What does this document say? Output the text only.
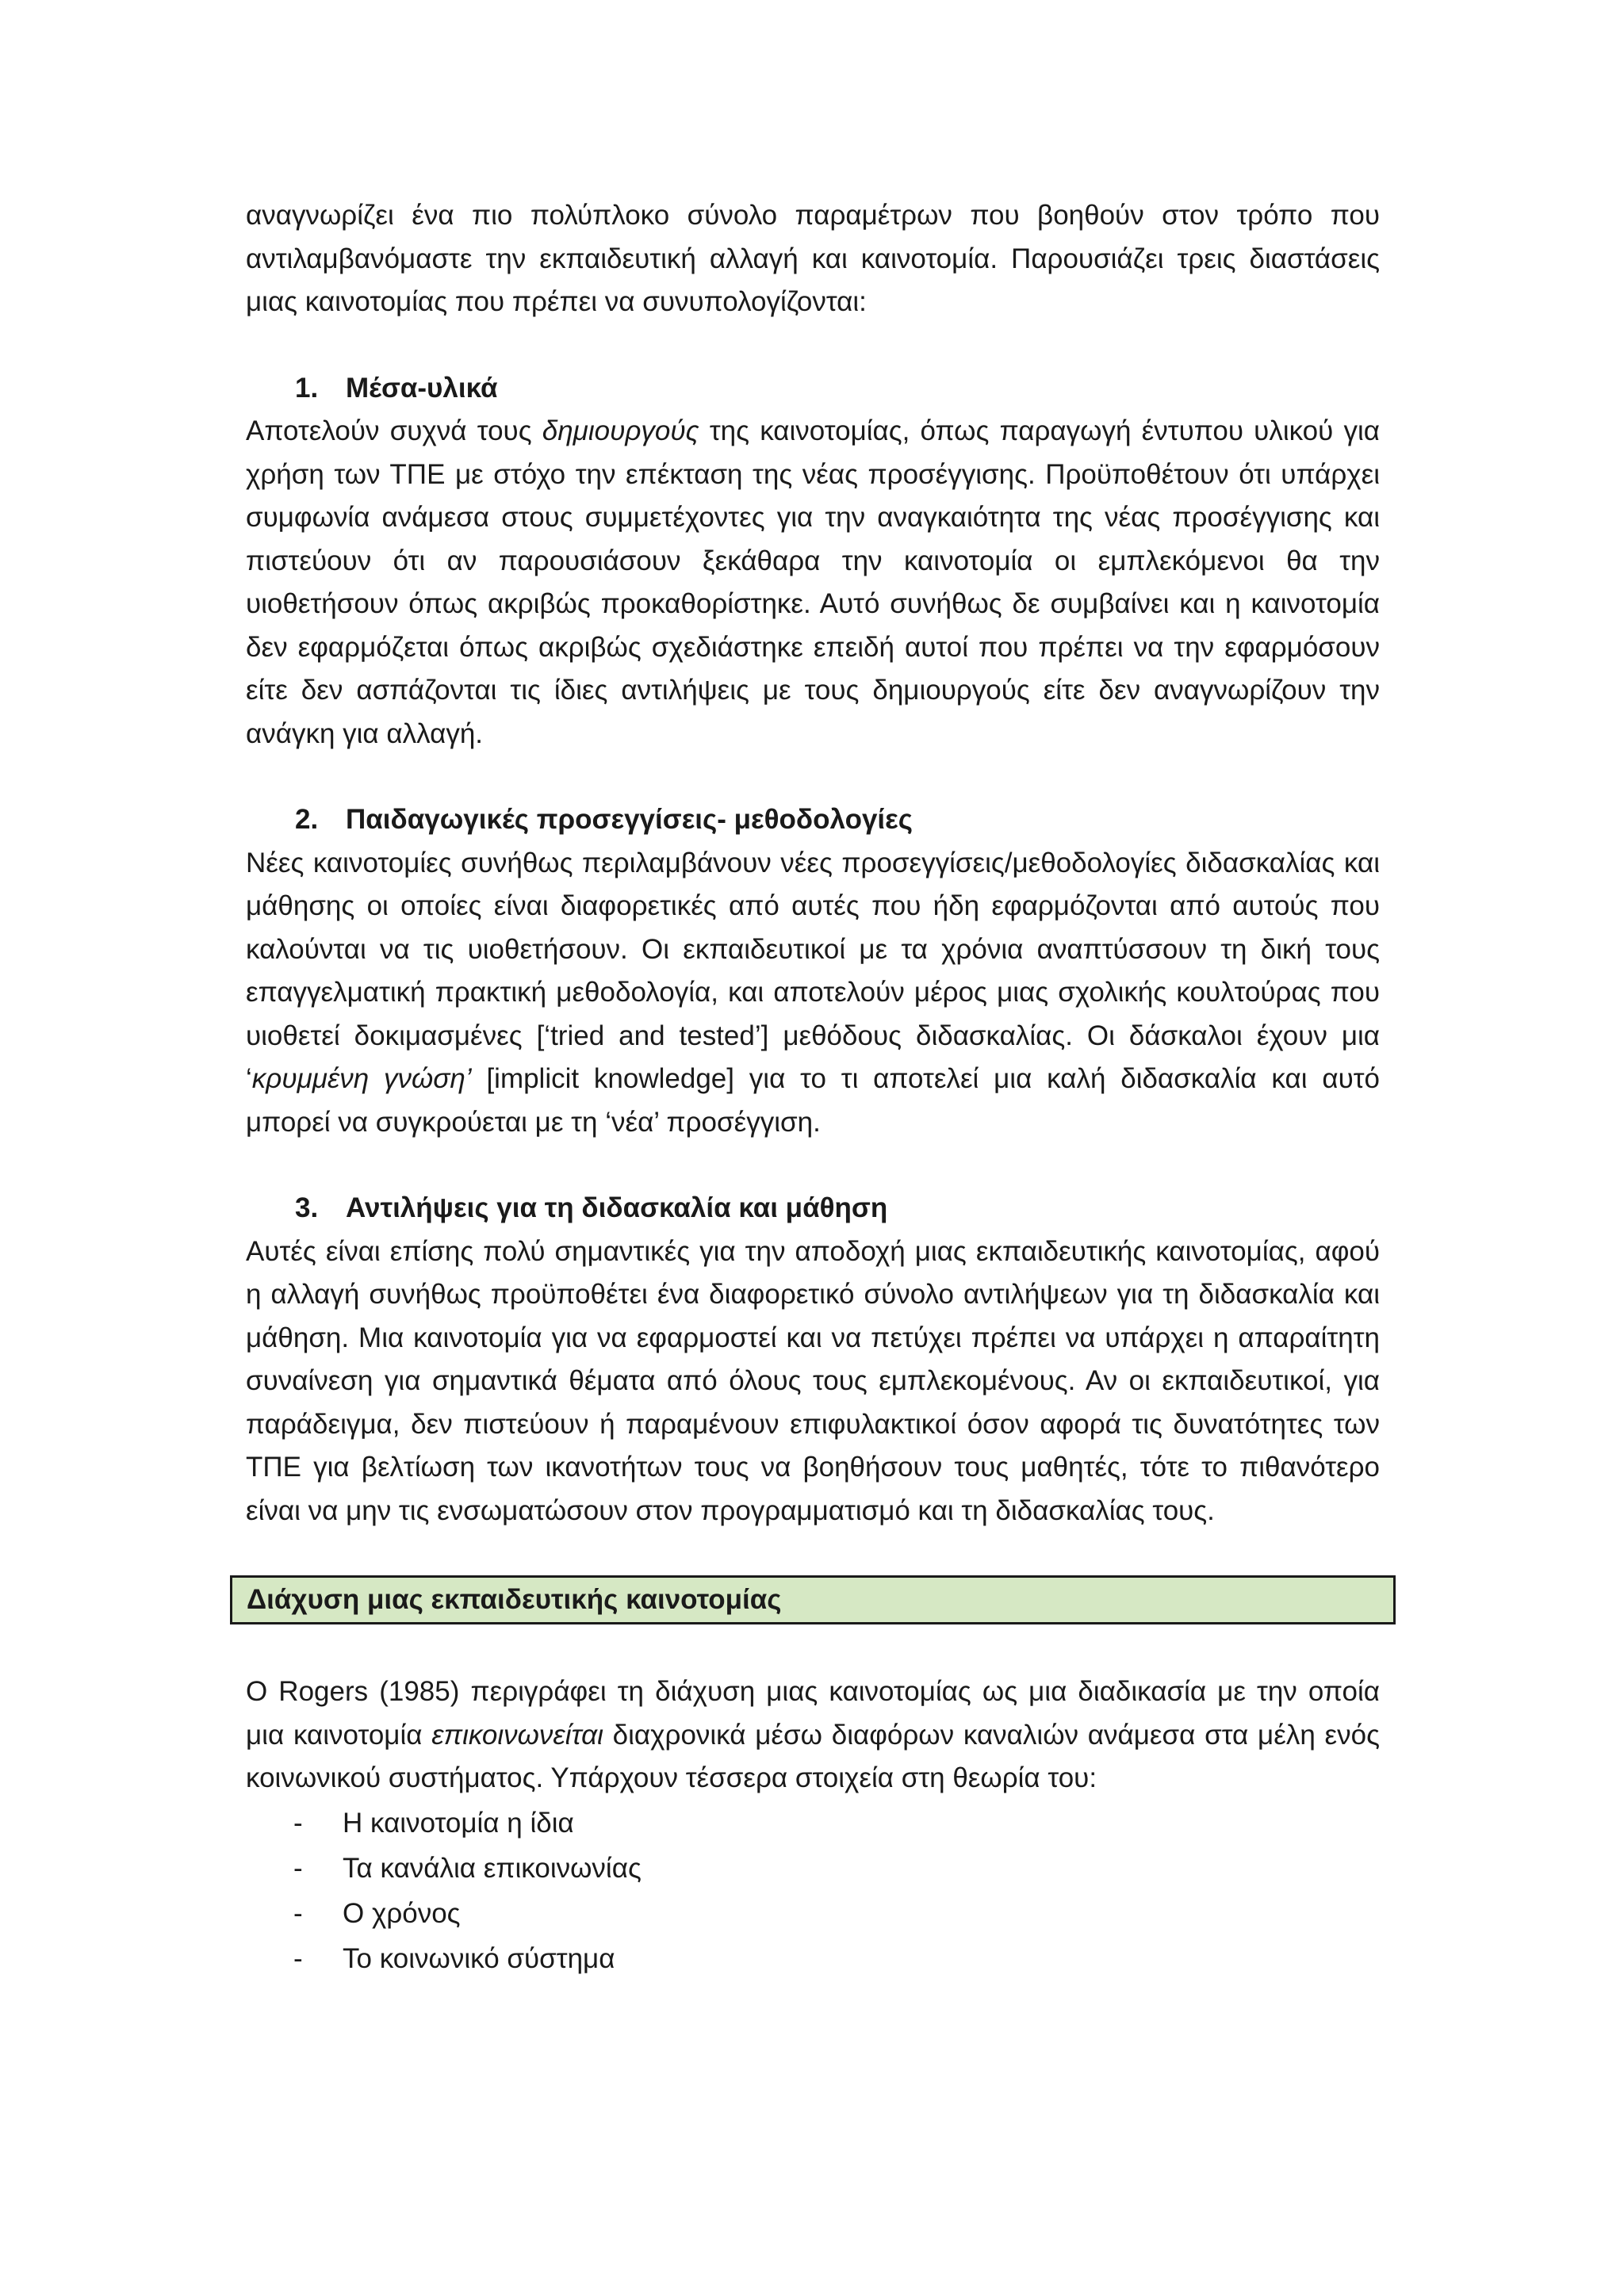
αναγνωρίζει ένα πιο πολύπλοκο σύνολο παραμέτρων που βοηθούν στον τρόπο που αντιλαμβανόμαστε την εκπαιδευτική αλλαγή και καινοτομία. Παρουσιάζει τρεις διαστάσεις μιας καινοτομίας που πρέπει να συνυπολογίζονται:

1. Μέσα-υλικά

Αποτελούν συχνά τους δημιουργούς της καινοτομίας, όπως παραγωγή έντυπου υλικού για χρήση των ΤΠΕ με στόχο την επέκταση της νέας προσέγγισης. Προϋποθέτουν ότι υπάρχει συμφωνία ανάμεσα στους συμμετέχοντες για την αναγκαιότητα της νέας προσέγγισης και πιστεύουν ότι αν παρουσιάσουν ξεκάθαρα την καινοτομία οι εμπλεκόμενοι θα την υιοθετήσουν όπως ακριβώς προκαθορίστηκε. Αυτό συνήθως δε συμβαίνει και η καινοτομία δεν εφαρμόζεται όπως ακριβώς σχεδιάστηκε επειδή αυτοί που πρέπει να την εφαρμόσουν είτε δεν ασπάζονται τις ίδιες αντιλήψεις με τους δημιουργούς είτε δεν αναγνωρίζουν την ανάγκη για αλλαγή.

2. Παιδαγωγικές προσεγγίσεις- μεθοδολογίες

Νέες καινοτομίες συνήθως περιλαμβάνουν νέες προσεγγίσεις/μεθοδολογίες διδασκαλίας και μάθησης οι οποίες είναι διαφορετικές από αυτές που ήδη εφαρμόζονται από αυτούς που καλούνται να τις υιοθετήσουν. Οι εκπαιδευτικοί με τα χρόνια αναπτύσσουν τη δική τους επαγγελματική πρακτική μεθοδολογία, και αποτελούν μέρος μιας σχολικής κουλτούρας που υιοθετεί δοκιμασμένες [‘tried and tested’] μεθόδους διδασκαλίας. Οι δάσκαλοι έχουν μια ‘κρυμμένη γνώση’ [implicit knowledge] για το τι αποτελεί μια καλή διδασκαλία και αυτό μπορεί να συγκρούεται με τη ‘νέα’ προσέγγιση.

3. Αντιλήψεις για τη διδασκαλία και μάθηση

Αυτές είναι επίσης πολύ σημαντικές για την αποδοχή μιας εκπαιδευτικής καινοτομίας, αφού η αλλαγή συνήθως προϋποθέτει ένα διαφορετικό σύνολο αντιλήψεων για τη διδασκαλία και μάθηση. Μια καινοτομία για να εφαρμοστεί και να πετύχει πρέπει να υπάρχει η απαραίτητη συναίνεση για σημαντικά θέματα από όλους τους εμπλεκομένους. Αν οι εκπαιδευτικοί, για παράδειγμα, δεν πιστεύουν ή παραμένουν επιφυλακτικοί όσον αφορά τις δυνατότητες των ΤΠΕ για βελτίωση των ικανοτήτων τους να βοηθήσουν τους μαθητές, τότε το πιθανότερο είναι να μην τις ενσωματώσουν στον προγραμματισμό και τη διδασκαλίας τους.

Διάχυση μιας εκπαιδευτικής καινοτομίας

Ο Rogers (1985) περιγράφει τη διάχυση μιας καινοτομίας ως μια διαδικασία με την οποία μια καινοτομία επικοινωνείται διαχρονικά μέσω διαφόρων καναλιών ανάμεσα στα μέλη ενός κοινωνικού συστήματος. Υπάρχουν τέσσερα στοιχεία στη θεωρία του:

-	Η καινοτομία η ίδια
-	Τα κανάλια επικοινωνίας
-	Ο χρόνος
-	Το κοινωνικό σύστημα
